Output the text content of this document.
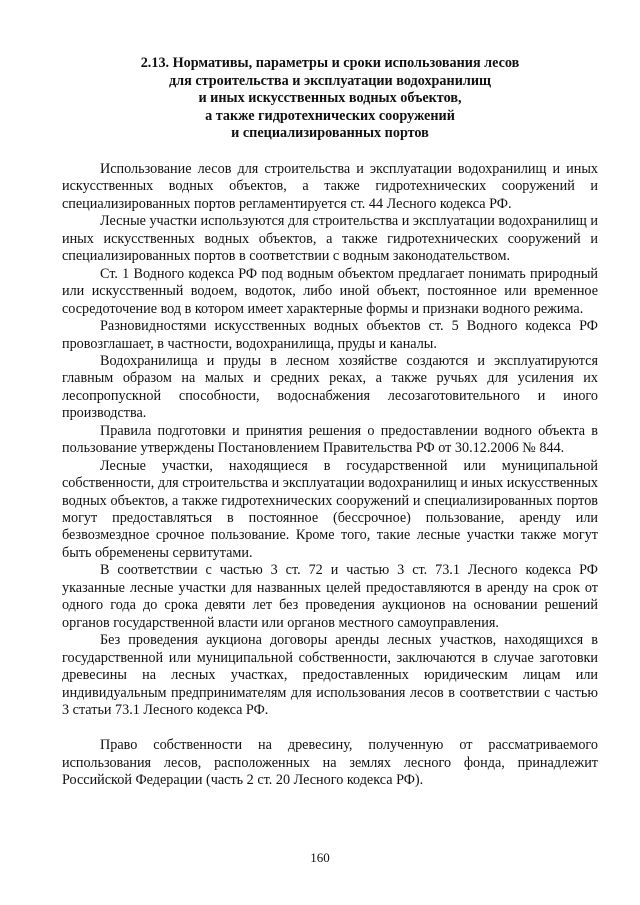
2.13. Нормативы, параметры и сроки использования лесов
для строительства и эксплуатации водохранилищ
и иных искусственных водных объектов,
а также гидротехнических сооружений
и специализированных портов

Использование лесов для строительства и эксплуатации водохранилищ и иных искусственных водных объектов, а также гидротехнических сооружений и специализированных портов регламентируется ст. 44 Лесного кодекса РФ.

Лесные участки используются для строительства и эксплуатации водохранилищ и иных искусственных водных объектов, а также гидротехнических сооружений и специализированных портов в соответствии с водным законодательством.

Ст. 1 Водного кодекса РФ под водным объектом предлагает понимать природный или искусственный водоем, водоток, либо иной объект, постоянное или временное сосредоточение вод в котором имеет характерные формы и признаки водного режима.

Разновидностями искусственных водных объектов ст. 5 Водного кодекса РФ провозглашает, в частности, водохранилища, пруды и каналы.

Водохранилища и пруды в лесном хозяйстве создаются и эксплуатируются главным образом на малых и средних реках, а также ручьях для усиления их лесопропускной способности, водоснабжения лесозаготовительного и иного производства.

Правила подготовки и принятия решения о предоставлении водного объекта в пользование утверждены Постановлением Правительства РФ от 30.12.2006 № 844.

Лесные участки, находящиеся в государственной или муниципальной собственности, для строительства и эксплуатации водохранилищ и иных искусственных водных объектов, а также гидротехнических сооружений и специализированных портов могут предоставляться в постоянное (бессрочное) пользование, аренду или безвозмездное срочное пользование. Кроме того, такие лесные участки также могут быть обременены сервитутами.

В соответствии с частью 3 ст. 72 и частью 3 ст. 73.1 Лесного кодекса РФ указанные лесные участки для названных целей предоставляются в аренду на срок от одного года до срока девяти лет без проведения аукционов на основании решений органов государственной власти или органов местного самоуправления.

Без проведения аукциона договоры аренды лесных участков, находящихся в государственной или муниципальной собственности, заключаются в случае заготовки древесины на лесных участках, предоставленных юридическим лицам или индивидуальным предпринимателям для использования лесов в соответствии с частью 3 статьи 73.1 Лесного кодекса РФ.

Право собственности на древесину, полученную от рассматриваемого использования лесов, расположенных на землях лесного фонда, принадлежит Российской Федерации (часть 2 ст. 20 Лесного кодекса РФ).

160
